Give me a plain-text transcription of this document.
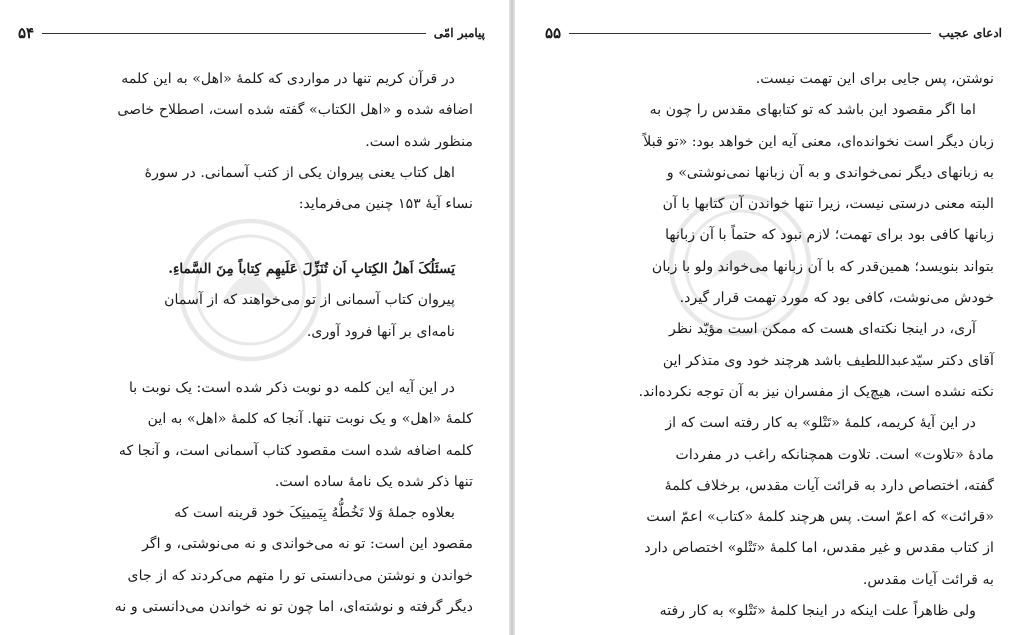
۵۴	پیامبر امّی

در قرآن کریم تنها در مواردی که کلمهٔ «اهل» به این کلمه

اضافه شده و «اهل الکتاب» گفته شده است، اصطلاح خاصی

منظور شده است.

اهل کتاب یعنی پیروان یکی از کتب آسمانی. در سورهٔ

نساء آیهٔ ۱۵۳ چنین می‌فرماید:

یَسئَلُکَ اَهلُ الکِتابِ اَن تُنَزِّلَ عَلَیهِم کِتاباً مِنَ السَّماءِ.

پیروان کتاب آسمانی از تو می‌خواهند که از آسمان

نامه‌ای بر آنها فرود آوری.

در این آیه این کلمه دو نوبت ذکر شده است: یک نوبت با

کلمهٔ «اهل» و یک نوبت تنها. آنجا که کلمهٔ «اهل» به این

کلمه اضافه شده است مقصود کتاب آسمانی است، و آنجا که

تنها ذکر شده یک نامهٔ ساده است.

بعلاوه جملهٔ وَلا تَخُطُّهُ بِیَمینِکَ خود قرینه است که

مقصود این است: تو نه می‌خواندی و نه می‌نوشتی، و اگر

خواندن و نوشتن می‌دانستی تو را متهم می‌کردند که از جای

دیگر گرفته و نوشته‌ای، اما چون تو نه خواندن می‌دانستی و نه

۵۵	ادعای عجیب

نوشتن، پس جایی برای این تهمت نیست.

اما اگر مقصود این باشد که تو کتابهای مقدس را چون به

زبان دیگر است نخوانده‌ای، معنی آیه این خواهد بود: «تو قبلاً

به زبانهای دیگر نمی‌خواندی و به آن زبانها نمی‌نوشتی» و

البته معنی درستی نیست، زیرا تنها خواندن آن کتابها با آن

زبانها کافی بود برای تهمت؛ لازم نبود که حتماً با آن زبانها

بتواند بنویسد؛ همین‌قدر که با آن زبانها می‌خواند ولو با زبان

خودش می‌نوشت، کافی بود که مورد تهمت قرار گیرد.

آری، در اینجا نکته‌ای هست که ممکن است مؤیّد نظر

آقای دکتر سیّدعبداللطیف باشد هرچند خود وی متذکر این

نکته نشده است، هیچ‌یک از مفسران نیز به آن توجه نکرده‌اند.

در این آیهٔ کریمه، کلمهٔ «تَتْلو» به کار رفته است که از

مادهٔ «تلاوت» است. تلاوت همچنانکه راغب در مفردات

گفته، اختصاص دارد به قرائت آیات مقدس، برخلاف کلمهٔ

«قرائت» که اعمّ است. پس هرچند کلمهٔ «کتاب» اعمّ است

از کتاب مقدس و غیر مقدس، اما کلمهٔ «تَتْلو» اختصاص دارد

به قرائت آیات مقدس.

ولی ظاهراً علت اینکه در اینجا کلمهٔ «تَتْلو» به کار رفته
